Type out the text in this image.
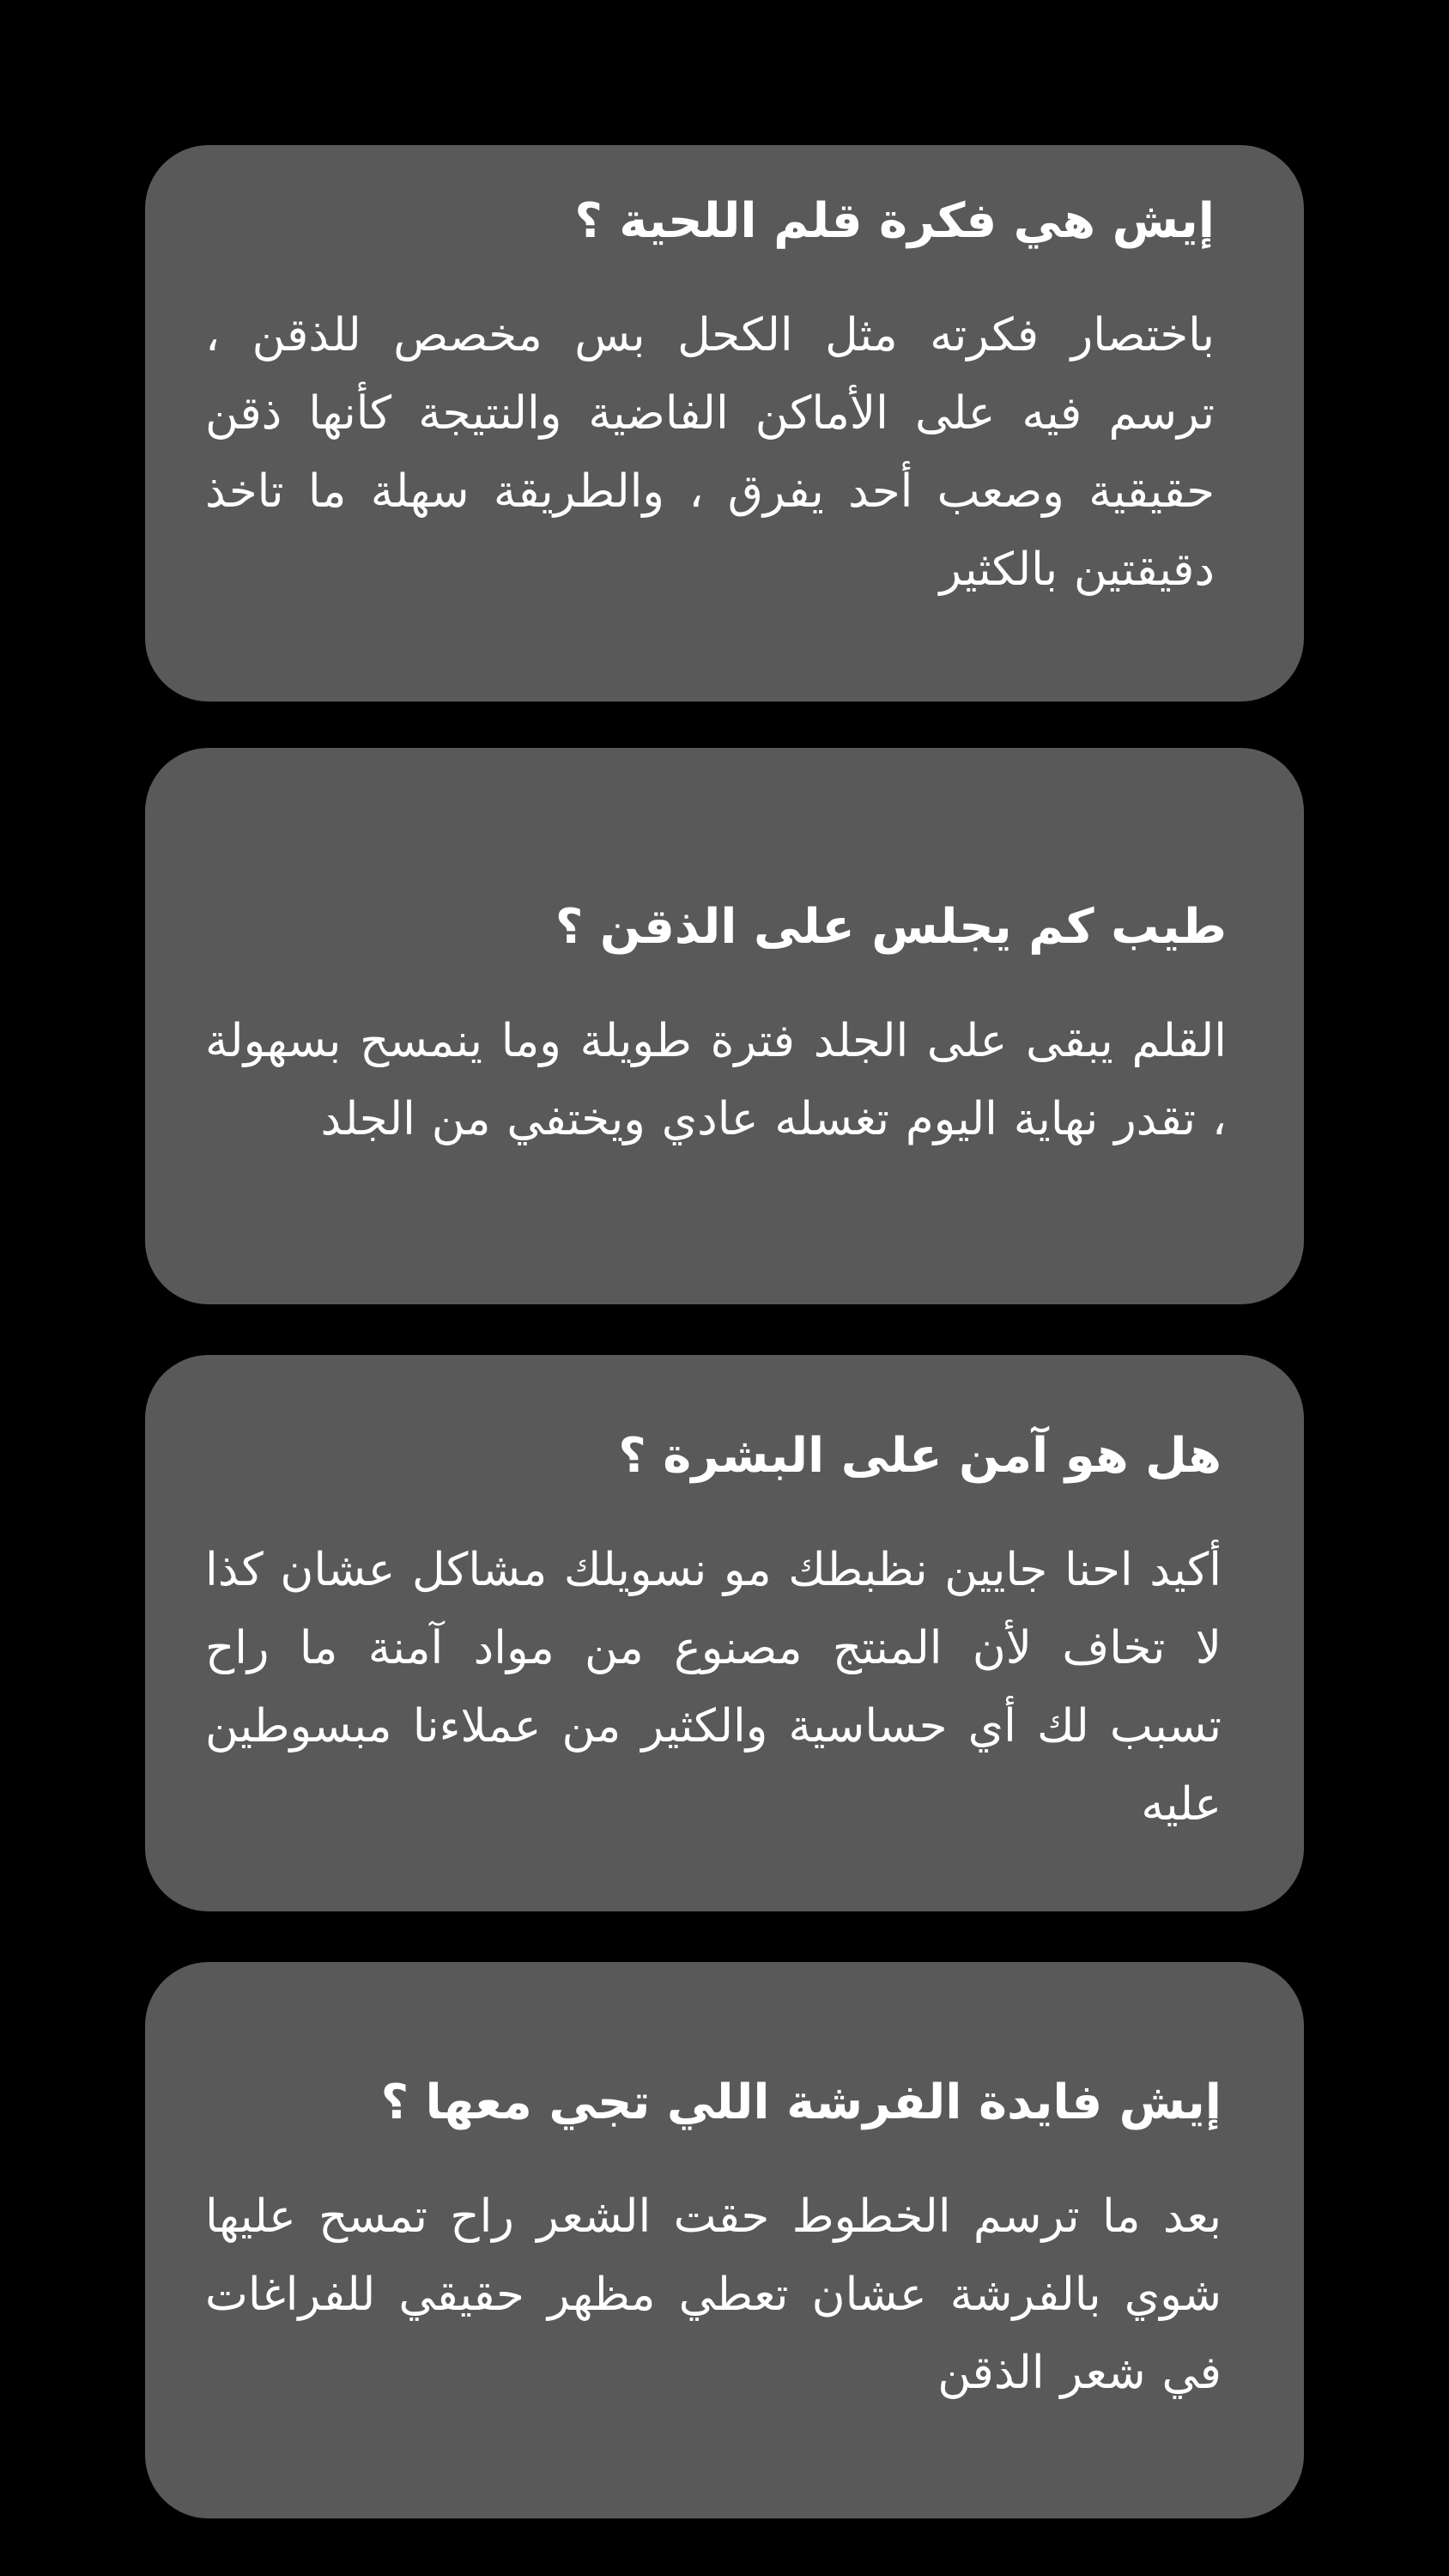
إيش هي فكرة قلم اللحية ؟

باختصار فكرته مثل الكحل بس مخصص للذقن ، ترسم فيه على الأماكن الفاضية والنتيجة كأنها ذقن حقيقية وصعب أحد يفرق ، والطريقة سهلة ما تاخذ دقيقتين بالكثير

طيب كم يجلس على الذقن ؟

القلم يبقى على الجلد فترة طويلة وما ينمسح بسهولة ، تقدر نهاية اليوم تغسله عادي ويختفي من الجلد

هل هو آمن على البشرة ؟

أكيد احنا جايين نظبطك مو نسويلك مشاكل عشان كذا لا تخاف لأن المنتج مصنوع من مواد آمنة ما راح تسبب لك أي حساسية والكثير من عملاءنا مبسوطين عليه

إيش فايدة الفرشة اللي تجي معها ؟

بعد ما ترسم الخطوط حقت الشعر راح تمسح عليها شوي بالفرشة عشان تعطي مظهر حقيقي للفراغات في شعر الذقن
